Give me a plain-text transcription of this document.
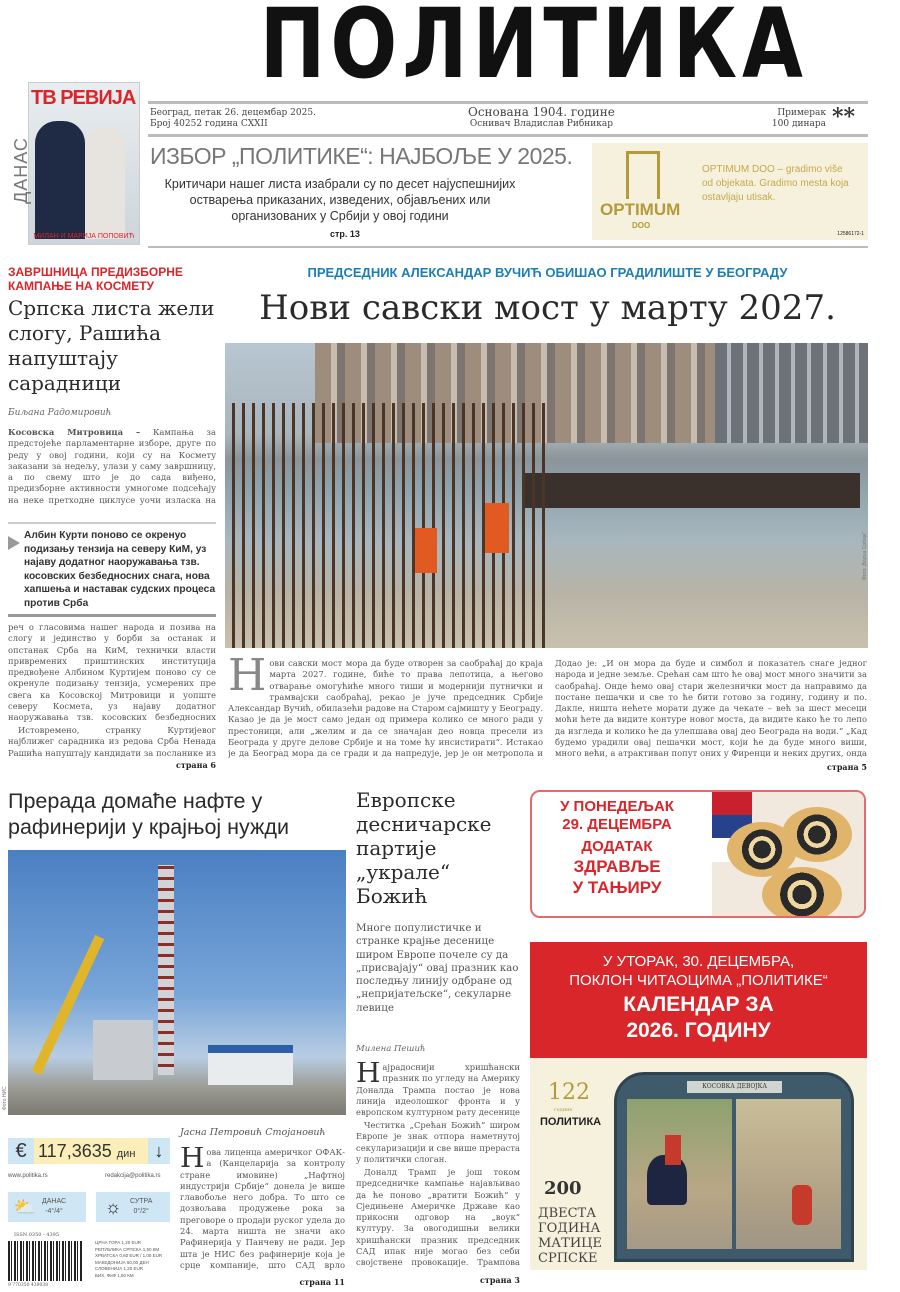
ПОЛИТИКА
ТВ РЕВИЈА
МИЛАН И МАРИЈА ПОПОВИЋ
ДАНАС
Београд, петак 26. децембар 2025.
Број 40252 година CXXII
Основана 1904. године
Оснивач Владислав Рибникар
Примерак
100 динара **
ИЗБОР „ПОЛИТИКЕ“: НАЈБОЉЕ У 2025.
Критичари нашег листа изабрали су по десет најуспешнијих остварења приказаних, изведених, објављених или организованих у Србији у овој години
стр. 13
OPTIMUM
DOO
OPTIMUM DOO – gradimo više od objekata. Gradimo mesta koja ostavljaju utisak.
12586172-1
ЗАВРШНИЦА ПРЕДИЗБОРНЕ КАМПАЊЕ НА КОСМЕТУ
Српска листа жели слогу, Рашића напуштају сарадници
Биљана Радомировић
Косовска Митровица – Кампања за предстојеће парламентарне изборе, друге по реду у овој години, који су на Космету заказани за недељу, улази у саму завршницу, а по свему што је до сада виђено, предизборне активности умногоме подсећају на неке претходне циклусе уочи изласка на
Албин Курти поново се окренуо подизању тензија на северу КиМ, уз најаву додатног наоружавања тзв. косовских безбедносних снага, нова хапшења и наставак судских процеса против Срба
реч о гласовима нашег народа и позива на слогу и јединство у борби за останак и опстанак Срба на КиМ, технички власти привремених приштинских институција предвођене Албином Куртијем поново су се окренуле подизању тензија, усмерених пре свега ка Косовској Митровици и уопште северу Космета, уз најаву додатног наоружавања тзв. косовских безбедносних
Истовремено, странку Куртијевог најближег сарадника из редова Срба Ненада Рашића напуштају кандидати за посланике из
страна 6
ПРЕДСЕДНИК АЛЕКСАНДАР ВУЧИЋ ОБИШАО ГРАДИЛИШТЕ У БЕОГРАДУ
Нови савски мост у марту 2027.
Фото „Војска Србије“
Нови савски мост мора да буде отворен за саобраћај до краја марта 2027. године, биће то права лепотица, а његово отварање омогућиће много тиши и модернији путнички и трамвајски саобраћај, рекао је јуче председник Србије Александар Вучић, обилазећи радове на Старом сајмишту у Београду. Казао је да је мост само један од примера колико се много ради у престоници, али „желим и да се значајан део новца пресели из Београда у друге делове Србије и на томе ћу инсистирати“. Истакао је да Београд мора да се гради и да напредује, јер је он метропола и
Додао је: „И он мора да буде и симбол и показатељ снаге једног народа и једне земље. Срећан сам што ће овај мост много значити за саобраћај. Онде ћемо овај стари железнички мост да направимо да постане пешачки и све то ће бити готово за годину, годину и по. Дакле, ништа нећете морати дуже да чекате – већ за шест месеци моћи ћете да видите контуре новог моста, да видите како ће то лепо да изгледа и колико ће да улепшава овај део Београда на води.“ „Кад будемо урадили овај пешачки мост, који ће да буде много виши, много већи, а атрактиван попут оних у Фиренци и неких других, онда
страна 5
Прерада домаће нафте у рафинерији у крајњој нужди
Фото НИС
Јасна Петровић Стојановић
Нова лиценца америчког ОФАК-а (Канцеларија за контролу стране имовине) „Нафтној индустрији Србије“ донела је више главобоље него добра. То што се дозвољава продужење рока за преговоре о продаји руског удела до 24. марта ништа не значи ако Рафинерија у Панчеву не ради. Јер шта је НИС без рафинерије која је срце компаније, што САД врло
страна 11
€ 117,3635 дин	↓
www.politika.rs	redakcija@politika.rs
⛅ ДАНАС
-4°/4°	☼	СУТРА
0°/2°
ISSN 0350 - 4395
9 770350 439038
ЦРНА ГОРА 1,20 EUR
РЕПУБЛИКА СРПСКА 1,50 КМ
ХРВАТСКА 0,60 EUR / 1,00 EUR
МАКЕДОНИЈА 60,00 ДЕН
СЛОВЕНИЈА 1,20 EUR
БИХ, ФиФ 1,50 КМ
Европске десничарске партије „украле“ Божић
Многе популистичке и странке крајње десенице широм Европе почеле су да „присвајају“ овај празник као последњу линију одбране од „непријатељске“, секуларне левице
Милена Пешић
Најрадоснији хришћански празник по угледу на Америку Доналда Трампа постао је нова линија идеолошког фронта и у европском културном рату десенице
Честитка „Срећан Божић“ широм Европе је знак отпора наметнутој секуларизацији и све више прераста у политички слоган.
Доналд Трамп је још током председничке кампање најављивао да ће поново „вратити Божић“ у Сједињене Америчке Државе као прикосни одговор на „воук“ културу. За овогодишњи велики хришћански празник председник САД ипак није могао без себи својствене провокације. Трампова
страна 3
У ПОНЕДЕЉАК
29. ДЕЦЕМБРА
ДОДАТАК
ЗДРАВЉЕ
У ТАЊИРУ
У УТОРАК, 30. ДЕЦЕМБРА,
ПОКЛОН ЧИТАОЦИМА „ПОЛИТИКЕ“
КАЛЕНДАР ЗА
2026. ГОДИНУ
122
године
ПОЛИТИКА
200
ДВЕСТА
ГОДИНА
МАТИЦЕ
СРПСКЕ
КОСОВКА ДЕВОЈКА
